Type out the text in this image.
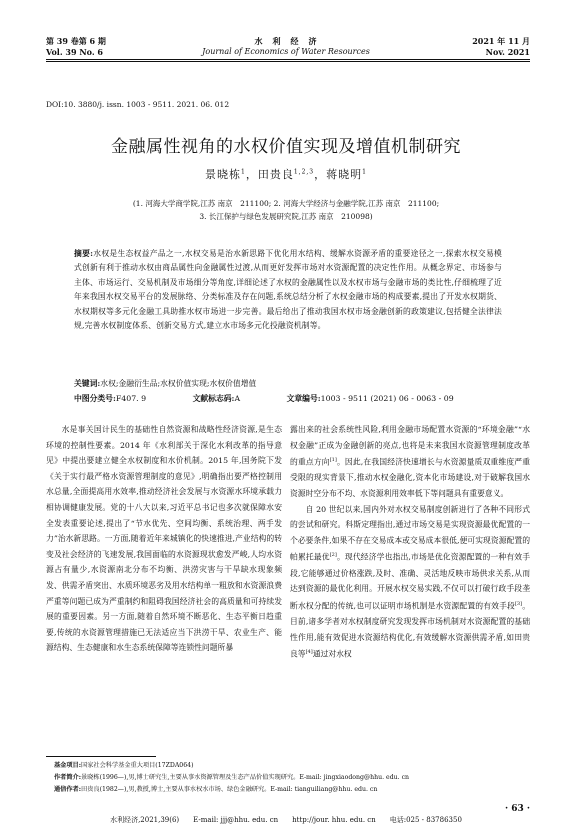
第 39 卷第 6 期
Vol. 39 No. 6
水　利　经　济
Journal of Economics of Water Resources
2021 年 11 月
Nov. 2021
DOI:10. 3880/j. issn. 1003 - 9511. 2021. 06. 012
金融属性视角的水权价值实现及增值机制研究
景晓栋$^1$，田贵良$^{1,2,3}$，蒋晓明$^1$
(1. 河海大学商学院,江苏 南京　211100; 2. 河海大学经济与金融学院,江苏 南京　211100;
3. 长江保护与绿色发展研究院,江苏 南京　210098)
摘要:水权是生态权益产品之一,水权交易是治水新思路下优化用水结构、缓解水资源矛盾的重要途径之一,探索水权交易模式创新有利于推动水权由商品属性向金融属性过渡,从而更好发挥市场对水资源配置的决定性作用。从概念界定、市场参与主体、市场运行、交易机制及市场细分等角度,详细论述了水权的金融属性以及水权市场与金融市场的类比性,仔细梳理了近年来我国水权交易平台的发展脉络、分类标准及存在问题,系统总结分析了水权金融市场的构成要素,提出了开发水权期货、水权期权等多元化金融工具助推水权市场进一步完善。最后给出了推动我国水权市场金融创新的政策建议,包括健全法律法规,完善水权制度体系、创新交易方式,建立水市场多元化投融资机制等。
关键词:水权;金融衍生品;水权价值实现;水权价值增值
中图分类号:F407. 9	文献标志码:A	文章编号:1003 - 9511 (2021) 06 - 0063 - 09

水是事关国计民生的基础性自然资源和战略性经济资源,是生态环境的控制性要素。2014 年《水利部关于深化水利改革的指导意见》中提出要建立健全水权制度和水价机制。2015 年,国务院下发《关于实行最严格水资源管理制度的意见》,明确指出要严格控制用水总量,全面提高用水效率,推动经济社会发展与水资源水环境承载力相协调健康发展。党的十八大以来,习近平总书记也多次就保障水安全发表重要论述,提出了“节水优先、空间均衡、系统治理、两手发力”治水新思路。一方面,随着近年来城镇化的快速推进,产业结构的转变及社会经济的飞速发展,我国面临的水资源现状愈发严峻,人均水资源占有量少,水资源南北分布不均衡、洪涝灾害与干旱缺水现象频发、供需矛盾突出、水质环境恶劣及用水结构单一粗放和水资源浪费严重等问题已成为严重制约和阻碍我国经济社会的高质量和可持续发展的重要因素。另一方面,随着自然环境不断恶化、生态平衡日趋重要,传统的水资源管理措施已无法适应当下洪涝干旱、农业生产、能源结构、生态健康和水生态系统保障等连锁性问题所暴

露出来的社会系统性风险,利用金融市场配置水资源的“环境金融”“水权金融”正成为金融创新的亮点,也将是未来我国水资源管理制度改革的重点方向[1]。因此,在我国经济快速增长与水资源量质双重维度严重受限的现实背景下,推动水权金融化,资本化市场建设,对于破解我国水资源时空分布不均、水资源利用效率低下等问题具有重要意义。

自 20 世纪以来,国内外对水权交易制度创新进行了各种不同形式的尝试和研究。科斯定理指出,通过市场交易是实现资源最优配置的一个必要条件,如果不存在交易成本或交易成本很低,便可实现资源配置的帕累托最优[2]。现代经济学也指出,市场是优化资源配置的一种有效手段,它能够通过价格涨跌,及时、准确、灵活地反映市场供求关系,从而达到资源的最优化利用。开展水权交易实践,不仅可以打破行政手段垄断水权分配的传统,也可以证明市场机制是水资源配置的有效手段[3]。目前,诸多学者对水权制度研究发现发挥市场机制对水资源配置的基础性作用,能有效促进水资源结构优化,有效缓解水资源供需矛盾,如田贵良等[4]通过对水权

基金项目:国家社会科学基金重大项目(17ZDA064)
作者简介:景晓栋(1996—),男,博士研究生,主要从事水资源管理及生态产品价值实现研究。E-mail: jingxiaodong@hhu. edu. cn
通信作者:田贵良(1982—),男,教授,博士,主要从事水权水市场、绿色金融研究。E-mail: tianguiliang@hhu. edu. cn
· 63 ·
水利经济,2021,39(6)　　E-mail: jjj@hhu. edu. cn　　http://jour. hhu. edu. cn　　电话:025 - 83786350
